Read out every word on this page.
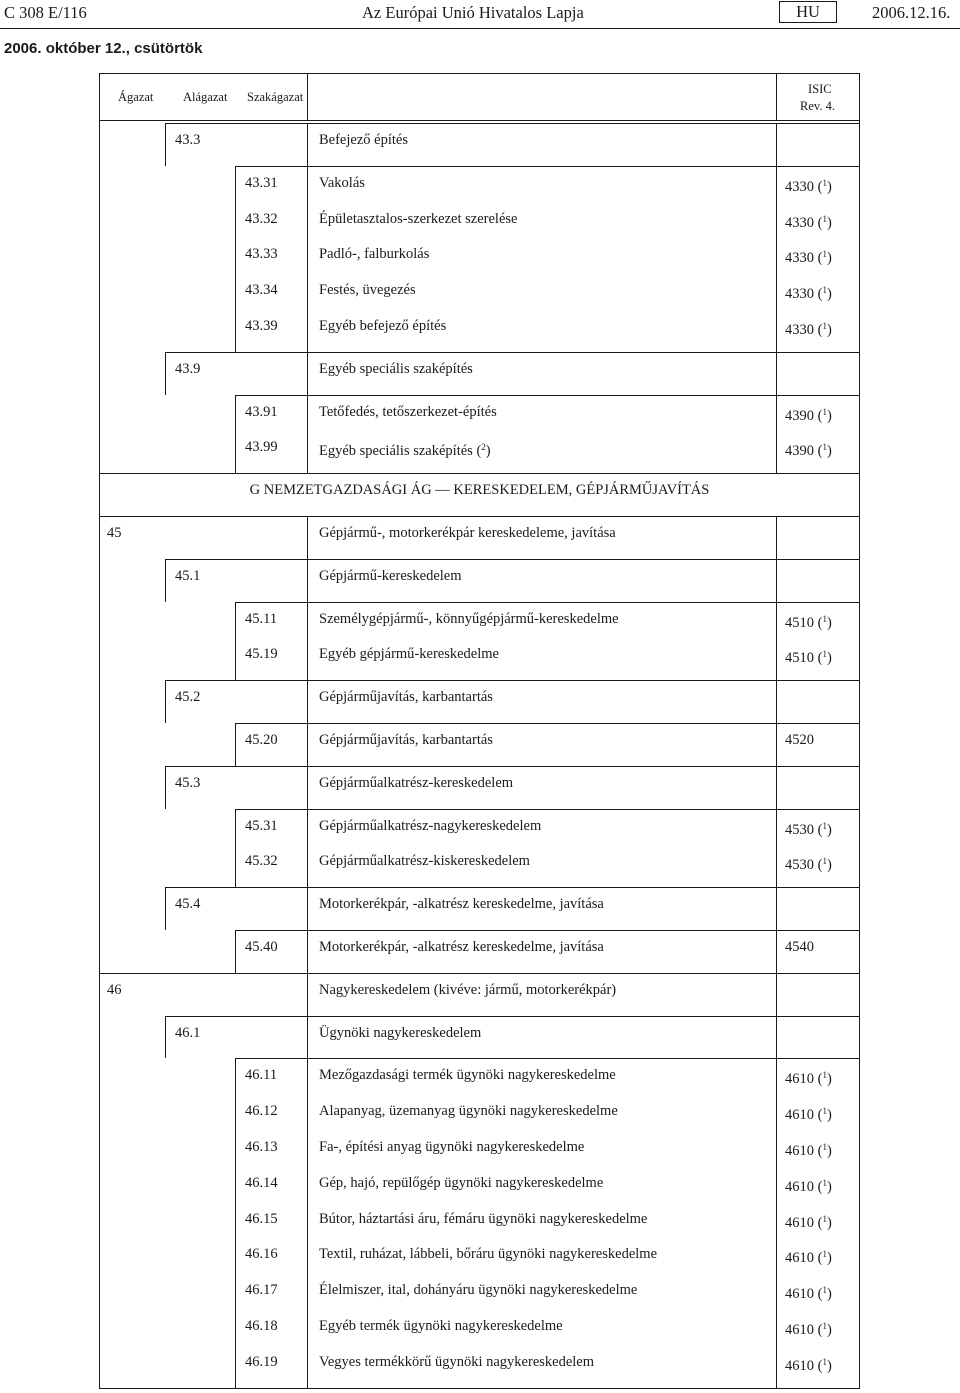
C 308 E/116	Az Európai Unió Hivatalos Lapja	HU	2006.12.16.
2006. október 12., csütörtök
Ágazat Alágazat Szakágazat
ISIC
Rev. 4.
43.3	Befejező építés
43.31	Vakolás	4330 ($^1$)
43.32	Épületasztalos-szerkezet szerelése	4330 ($^1$)
43.33	Padló-, falburkolás	4330 ($^1$)
43.34	Festés, üvegezés	4330 ($^1$)
43.39	Egyéb befejező építés	4330 ($^1$)
43.9	Egyéb speciális szaképítés
43.91	Tetőfedés, tetőszerkezet-építés	4390 ($^1$)
43.99	Egyéb speciális szaképítés ($^2$)	4390 ($^1$)
G NEMZETGAZDASÁGI ÁG — KERESKEDELEM, GÉPJÁRMŰJAVÍTÁS
45	Gépjármű-, motorkerékpár kereskedeleme, javítása
45.1	Gépjármű-kereskedelem
45.11	Személygépjármű-, könnyűgépjármű-kereskedelme	4510 ($^1$)
45.19	Egyéb gépjármű-kereskedelme	4510 ($^1$)
45.2	Gépjárműjavítás, karbantartás
45.20	Gépjárműjavítás, karbantartás	4520
45.3	Gépjárműalkatrész-kereskedelem
45.31	Gépjárműalkatrész-nagykereskedelem	4530 ($^1$)
45.32	Gépjárműalkatrész-kiskereskedelem	4530 ($^1$)
45.4	Motorkerékpár, -alkatrész kereskedelme, javítása
45.40	Motorkerékpár, -alkatrész kereskedelme, javítása	4540
46	Nagykereskedelem (kivéve: jármű, motorkerékpár)
46.1	Ügynöki nagykereskedelem
46.11	Mezőgazdasági termék ügynöki nagykereskedelme	4610 ($^1$)
46.12	Alapanyag, üzemanyag ügynöki nagykereskedelme	4610 ($^1$)
46.13	Fa-, építési anyag ügynöki nagykereskedelme	4610 ($^1$)
46.14	Gép, hajó, repülőgép ügynöki nagykereskedelme	4610 ($^1$)
46.15	Bútor, háztartási áru, fémáru ügynöki nagykereskedelme	4610 ($^1$)
46.16	Textil, ruházat, lábbeli, bőráru ügynöki nagykereskedelme	4610 ($^1$)
46.17	Élelmiszer, ital, dohányáru ügynöki nagykereskedelme	4610 ($^1$)
46.18	Egyéb termék ügynöki nagykereskedelme	4610 ($^1$)
46.19	Vegyes termékkörű ügynöki nagykereskedelem	4610 ($^1$)
